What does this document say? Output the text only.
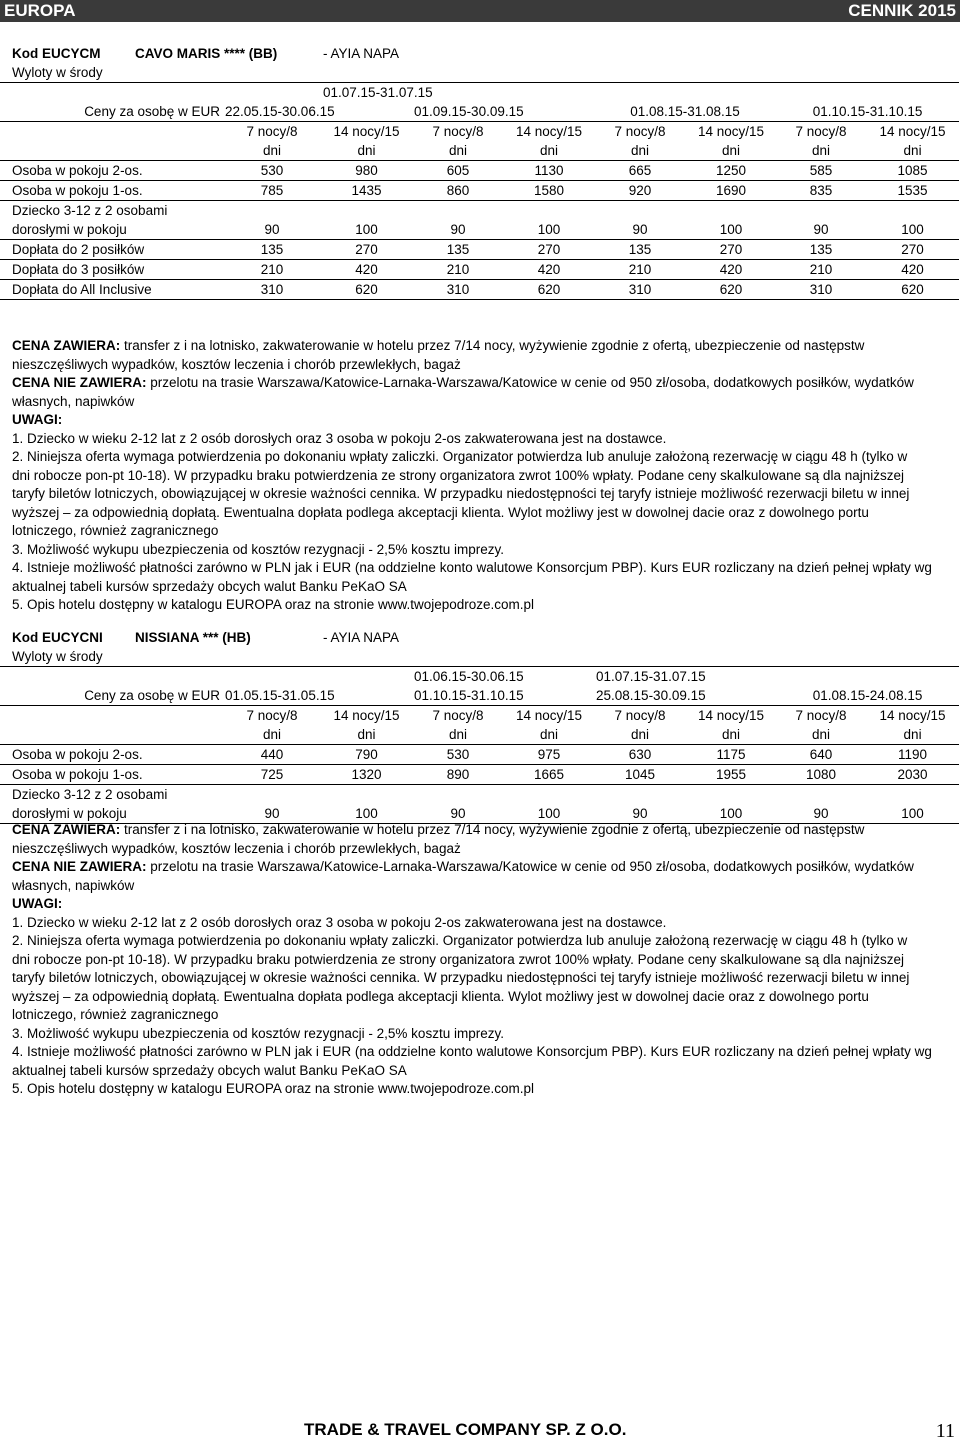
EUROPA	CENNIK 2015
	Kod EUCYCM	CAVO MARIS **** (BB)		- AYIA NAPA						
	Wyloty w środy									
				01.07.15-31.07.15						
	Ceny za osobę w EUR		22.05.15-30.06.15		01.09.15-30.09.15		01.08.15-31.08.15		01.10.15-31.10.15	
			7 nocy/8	14 nocy/15	7 nocy/8	14 nocy/15	7 nocy/8	14 nocy/15	7 nocy/8	14 nocy/15
			dni	dni	dni	dni	dni	dni	dni	dni
	Osoba w pokoju 2-os.		530	980	605	1130	665	1250	585	1085
	Osoba w pokoju 1-os.		785	1435	860	1580	920	1690	835	1535
	Dziecko 3-12 z 2 osobami									
	dorosłymi w pokoju		90	100	90	100	90	100	90	100
	Dopłata do 2 posiłków		135	270	135	270	135	270	135	270
	Dopłata do 3 posiłków		210	420	210	420	210	420	210	420
	Dopłata do All Inclusive		310	620	310	620	310	620	310	620

CENA ZAWIERA: transfer z i na lotnisko, zakwaterowanie w hotelu przez 7/14 nocy, wyżywienie zgodnie z ofertą, ubezpieczenie od następstw

nieszczęśliwych wypadków, kosztów leczenia i chorób przewlekłych, bagaż

CENA NIE ZAWIERA: przelotu na trasie Warszawa/Katowice-Larnaka-Warszawa/Katowice w cenie od 950 zł/osoba, dodatkowych posiłków, wydatków

własnych, napiwków

UWAGI:

1. Dziecko w wieku 2-12 lat z 2 osób dorosłych oraz 3 osoba w pokoju 2-os zakwaterowana jest na dostawce.

2. Niniejsza oferta wymaga potwierdzenia po dokonaniu wpłaty zaliczki. Organizator potwierdza lub anuluje założoną rezerwację w ciągu 48 h (tylko w

dni robocze pon-pt 10-18). W przypadku braku potwierdzenia ze strony organizatora zwrot 100% wpłaty. Podane ceny skalkulowane są dla najniższej

taryfy biletów lotniczych, obowiązującej w okresie ważności cennika. W przypadku niedostępności tej taryfy istnieje możliwość rezerwacji biletu w innej

wyższej – za odpowiednią dopłatą. Ewentualna dopłata podlega akceptacji klienta. Wylot możliwy jest w dowolnej dacie oraz z dowolnego portu

lotniczego, również zagranicznego

3. Możliwość wykupu ubezpieczenia od kosztów rezygnacji - 2,5% kosztu imprezy.

4. Istnieje możliwość płatności zarówno w PLN jak i EUR (na oddzielne konto walutowe Konsorcjum PBP). Kurs EUR rozliczany na dzień pełnej wpłaty wg

aktualnej tabeli kursów sprzedaży obcych walut Banku PeKaO SA

5. Opis hotelu dostępny w katalogu EUROPA oraz na stronie www.twojepodroze.com.pl

	Kod EUCYCNI	NISSIANA *** (HB)		- AYIA NAPA						
	Wyloty w środy									
					01.06.15-30.06.15		01.07.15-31.07.15			
	Ceny za osobę w EUR		01.05.15-31.05.15		01.10.15-31.10.15		25.08.15-30.09.15		01.08.15-24.08.15	
			7 nocy/8	14 nocy/15	7 nocy/8	14 nocy/15	7 nocy/8	14 nocy/15	7 nocy/8	14 nocy/15
			dni	dni	dni	dni	dni	dni	dni	dni
	Osoba w pokoju 2-os.		440	790	530	975	630	1175	640	1190
	Osoba w pokoju 1-os.		725	1320	890	1665	1045	1955	1080	2030
	Dziecko 3-12 z 2 osobami									
	dorosłymi w pokoju		90	100	90	100	90	100	90	100

CENA ZAWIERA: transfer z i na lotnisko, zakwaterowanie w hotelu przez 7/14 nocy, wyżywienie zgodnie z ofertą, ubezpieczenie od następstw

nieszczęśliwych wypadków, kosztów leczenia i chorób przewlekłych, bagaż

CENA NIE ZAWIERA: przelotu na trasie Warszawa/Katowice-Larnaka-Warszawa/Katowice w cenie od 950 zł/osoba, dodatkowych posiłków, wydatków

własnych, napiwków

UWAGI:

1. Dziecko w wieku 2-12 lat z 2 osób dorosłych oraz 3 osoba w pokoju 2-os zakwaterowana jest na dostawce.

2. Niniejsza oferta wymaga potwierdzenia po dokonaniu wpłaty zaliczki. Organizator potwierdza lub anuluje założoną rezerwację w ciągu 48 h (tylko w

dni robocze pon-pt 10-18). W przypadku braku potwierdzenia ze strony organizatora zwrot 100% wpłaty. Podane ceny skalkulowane są dla najniższej

taryfy biletów lotniczych, obowiązującej w okresie ważności cennika. W przypadku niedostępności tej taryfy istnieje możliwość rezerwacji biletu w innej

wyższej – za odpowiednią dopłatą. Ewentualna dopłata podlega akceptacji klienta. Wylot możliwy jest w dowolnej dacie oraz z dowolnego portu

lotniczego, również zagranicznego

3. Możliwość wykupu ubezpieczenia od kosztów rezygnacji - 2,5% kosztu imprezy.

4. Istnieje możliwość płatności zarówno w PLN jak i EUR (na oddzielne konto walutowe Konsorcjum PBP). Kurs EUR rozliczany na dzień pełnej wpłaty wg

aktualnej tabeli kursów sprzedaży obcych walut Banku PeKaO SA

5. Opis hotelu dostępny w katalogu EUROPA oraz na stronie www.twojepodroze.com.pl

TRADE & TRAVEL COMPANY SP. Z O.O.	11
